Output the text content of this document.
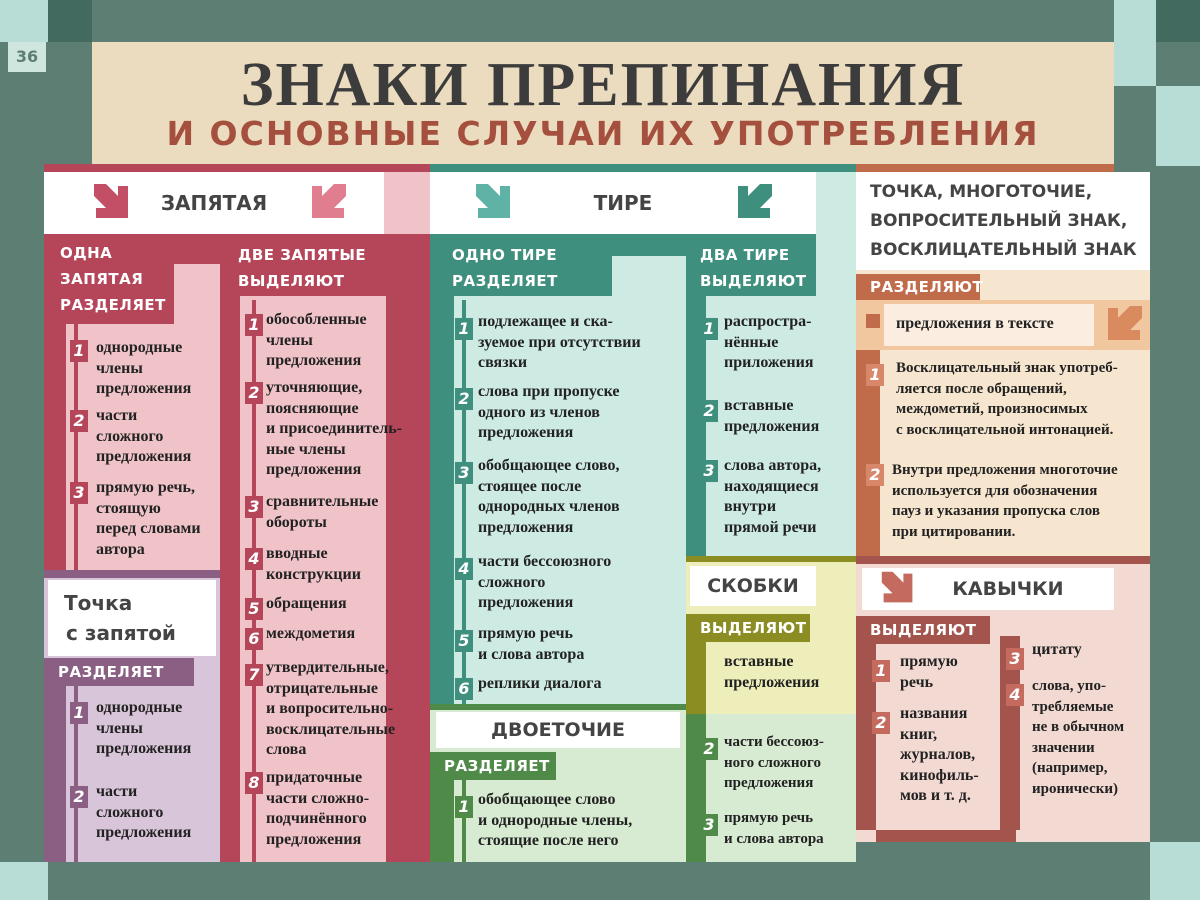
36	ЗНАКИ ПРЕПИНАНИЯ
И ОСНОВНЫЕ СЛУЧАИ ИХ УПОТРЕБЛЕНИЯ
ЗАПЯТАЯ
ОДНА
ЗАПЯТАЯ
РАЗДЕЛЯЕТ
1 однородные
члены
предложения
2 части
сложного
предложения
3 прямую речь,
стоящую
перед словами
автора
ДВЕ ЗАПЯТЫЕ
ВЫДЕЛЯЮТ
1 обособленные
члены
предложения
2 уточняющие,
поясняющие
и присоединитель-
ные члены
предложения
3 сравнительные
обороты
4 вводные
конструкции
5 обращения
6 междометия
7 утвердительные,
отрицательные
и вопросительно-
восклицательные
слова
8 придаточные
части сложно-
подчинённого
предложения
Точка
с запятой
РАЗДЕЛЯЕТ
1 однородные
члены
предложения
2 части
сложного
предложения
ТИРЕ
ОДНО ТИРЕ
РАЗДЕЛЯЕТ
1 подлежащее и ска-
зуемое при отсутствии
связки
2 слова при пропуске
одного из членов
предложения
3 обобщающее слово,
стоящее после
однородных членов
предложения
4 части бессоюзного
сложного
предложения
5 прямую речь
и слова автора
6 реплики диалога
ДВА ТИРЕ
ВЫДЕЛЯЮТ
1 распростра-
нённые
приложения
2 вставные
предложения
3 слова автора,
находящиеся
внутри
прямой речи
ДВОЕТОЧИЕ
РАЗДЕЛЯЕТ
1 обобщающее слово
и однородные члены,
стоящие после него
2 части бессоюз-
ного сложного
предложения
3 прямую речь
и слова автора
СКОБКИ
ВЫДЕЛЯЮТ
вставные
предложения
ТОЧКА, МНОГОТОЧИЕ,
ВОПРОСИТЕЛЬНЫЙ ЗНАК,
ВОСКЛИЦАТЕЛЬНЫЙ ЗНАК
РАЗДЕЛЯЮТ
предложения в тексте
1 Восклицательный знак употреб-
ляется после обращений,
междометий, произносимых
с восклицательной интонацией.
2 Внутри предложения многоточие
используется для обозначения
пауз и указания пропуска слов
при цитировании.
КАВЫЧКИ
ВЫДЕЛЯЮТ
1 прямую
речь
2 названия
книг,
журналов,
кинофиль-
мов и т. д.
3 цитату
4 слова, упо-
требляемые
не в обычном
значении
(например,
иронически)
